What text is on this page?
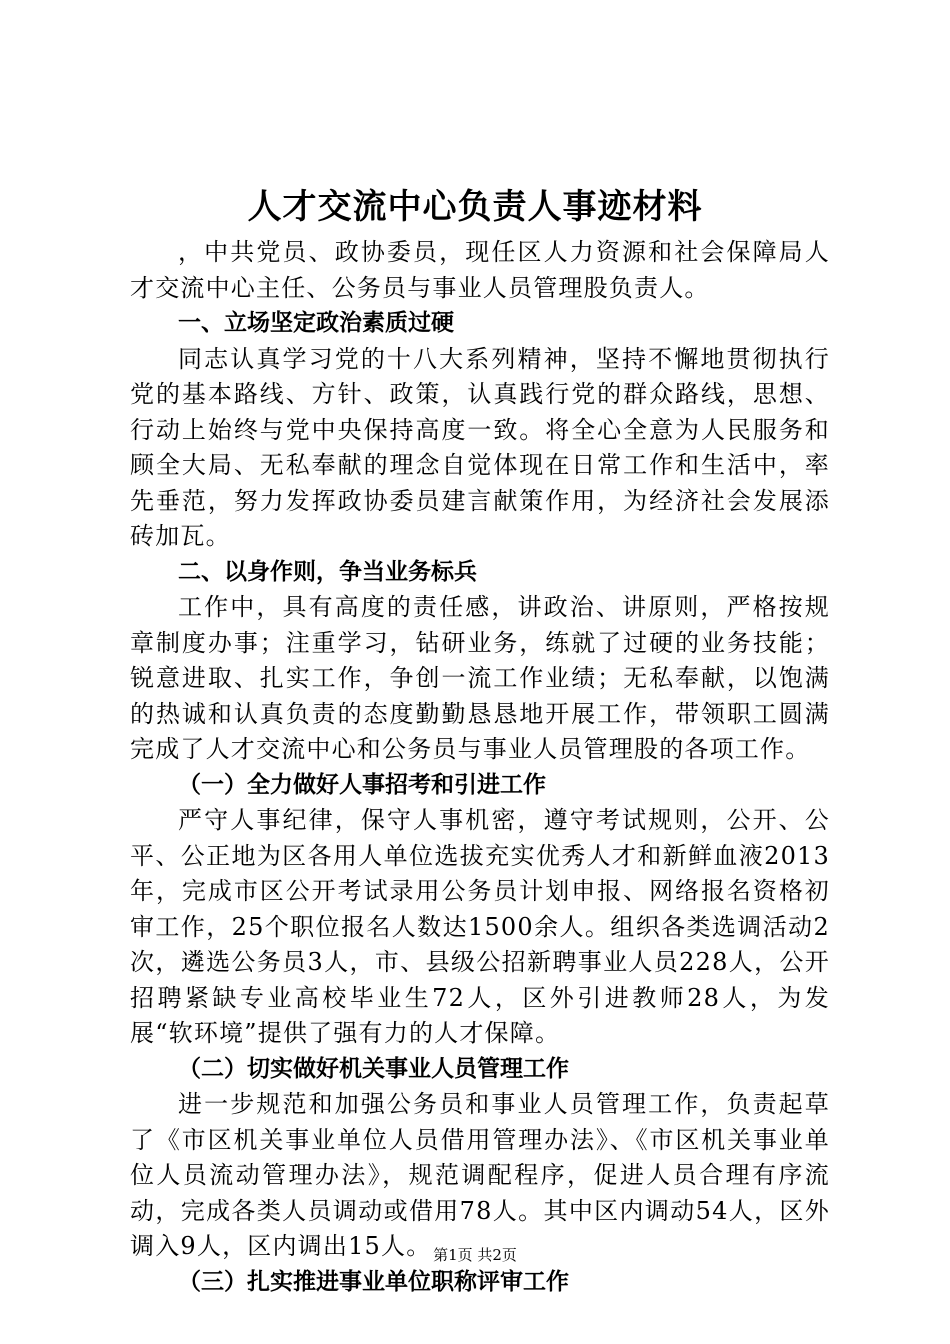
人才交流中心负责人事迹材料

，中共党员、政协委员，现任区人力资源和社会保障局人才交流中心主任、公务员与事业人员管理股负责人。

一、立场坚定政治素质过硬

同志认真学习党的十八大系列精神，坚持不懈地贯彻执行党的基本路线、方针、政策，认真践行党的群众路线，思想、行动上始终与党中央保持高度一致。将全心全意为人民服务和顾全大局、无私奉献的理念自觉体现在日常工作和生活中，率先垂范，努力发挥政协委员建言献策作用，为经济社会发展添砖加瓦。

二、以身作则，争当业务标兵

工作中，具有高度的责任感，讲政治、讲原则，严格按规章制度办事；注重学习，钻研业务，练就了过硬的业务技能；锐意进取、扎实工作，争创一流工作业绩；无私奉献，以饱满的热诚和认真负责的态度勤勤恳恳地开展工作，带领职工圆满完成了人才交流中心和公务员与事业人员管理股的各项工作。

（一）全力做好人事招考和引进工作

严守人事纪律，保守人事机密，遵守考试规则，公开、公平、公正地为区各用人单位选拔充实优秀人才和新鲜血液2013年，完成市区公开考试录用公务员计划申报、网络报名资格初审工作，25个职位报名人数达1500余人。组织各类选调活动2次，遴选公务员3人，市、县级公招新聘事业人员228人，公开招聘紧缺专业高校毕业生72人，区外引进教师28人，为发展“软环境”提供了强有力的人才保障。

（二）切实做好机关事业人员管理工作

进一步规范和加强公务员和事业人员管理工作，负责起草了《市区机关事业单位人员借用管理办法》、《市区机关事业单位人员流动管理办法》，规范调配程序，促进人员合理有序流动，完成各类人员调动或借用78人。其中区内调动54人，区外调入9人，区内调出15人。

（三）扎实推进事业单位职称评审工作

第1页 共2页
